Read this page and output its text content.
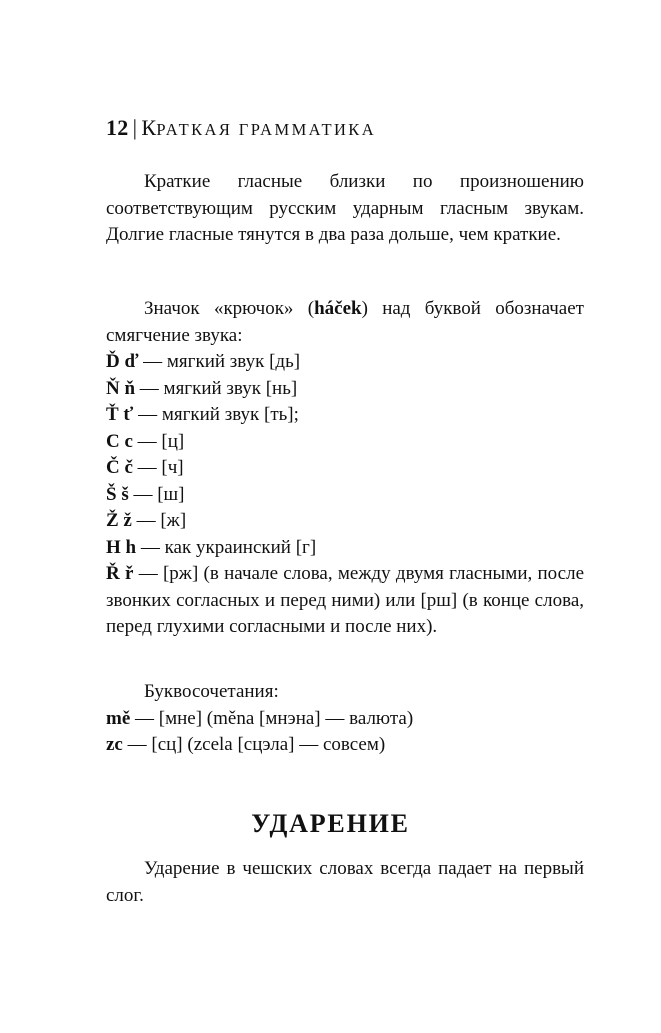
12 | КРАТКАЯ ГРАММАТИКА
Краткие гласные близки по произношению соответствующим русским ударным гласным звукам. Долгие гласные тянутся в два раза дольше, чем краткие.
Значок «крючок» (háček) над буквой обозначает смягчение звука:
Ď ď — мягкий звук [дь]
Ň ň — мягкий звук [нь]
Ť ť — мягкий звук [ть];
C c — [ц]
Č č — [ч]
Š š — [ш]
Ž ž — [ж]
H h — как украинский [г]
Ř ř — [рж] (в начале слова, между двумя гласными, после звонких согласных и перед ними) или [рш] (в конце слова, перед глухими согласными и после них).
Буквосочетания:
mě — [мне] (měna [мнэна] — валюта)
zc — [сц] (zcela [сцэла] — совсем)
УДАРЕНИЕ
Ударение в чешских словах всегда падает на первый слог.
